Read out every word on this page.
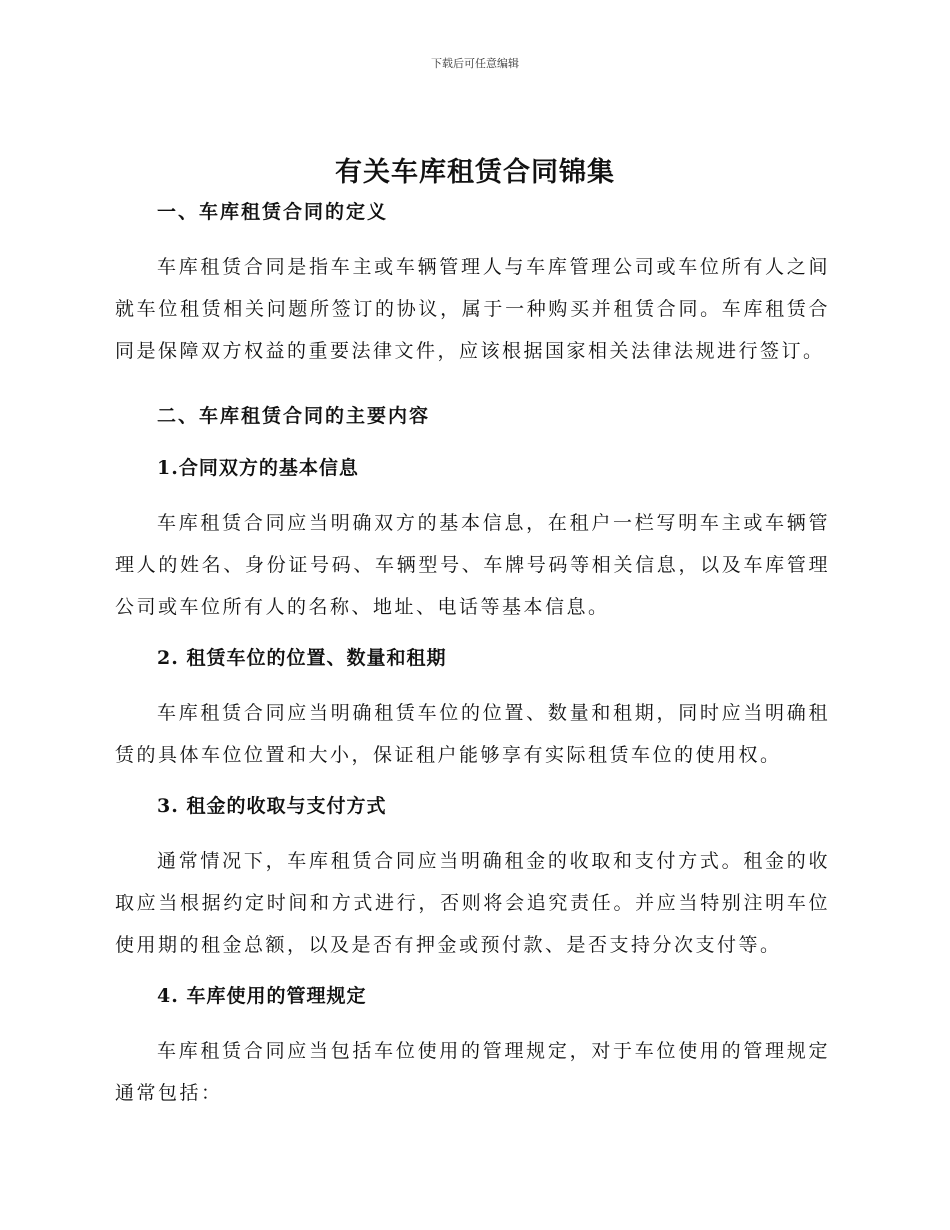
下载后可任意编辑
有关车库租赁合同锦集
一、车库租赁合同的定义

车库租赁合同是指车主或车辆管理人与车库管理公司或车位所有人之间就车位租赁相关问题所签订的协议，属于一种购买并租赁合同。车库租赁合同是保障双方权益的重要法律文件，应该根据国家相关法律法规进行签订。

二、车库租赁合同的主要内容
1.合同双方的基本信息

车库租赁合同应当明确双方的基本信息，在租户一栏写明车主或车辆管理人的姓名、身份证号码、车辆型号、车牌号码等相关信息，以及车库管理公司或车位所有人的名称、地址、电话等基本信息。

2. 租赁车位的位置、数量和租期

车库租赁合同应当明确租赁车位的位置、数量和租期，同时应当明确租赁的具体车位位置和大小，保证租户能够享有实际租赁车位的使用权。

3. 租金的收取与支付方式

通常情况下，车库租赁合同应当明确租金的收取和支付方式。租金的收取应当根据约定时间和方式进行，否则将会追究责任。并应当特别注明车位使用期的租金总额，以及是否有押金或预付款、是否支持分次支付等。

4. 车库使用的管理规定

车库租赁合同应当包括车位使用的管理规定，对于车位使用的管理规定通常包括：
